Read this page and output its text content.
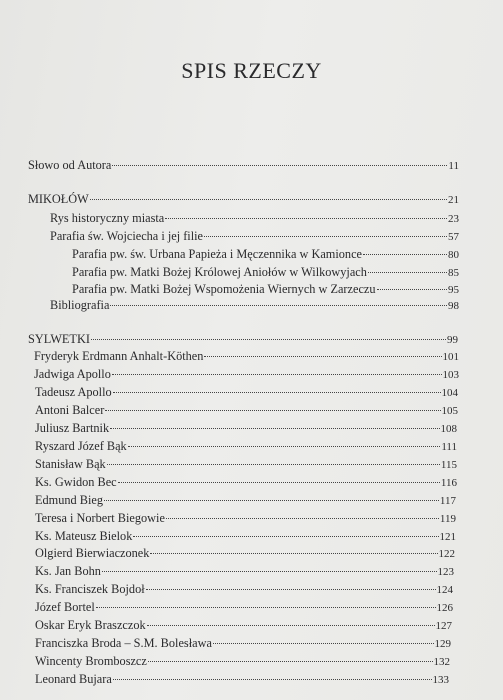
SPIS RZECZY
Słowo od Autora	11
MIKOŁÓW	21
Rys historyczny miasta	23
Parafia św. Wojciecha i jej filie	57
Parafia pw. św. Urbana Papieża i Męczennika w Kamionce	80
Parafia pw. Matki Bożej Królowej Aniołów w Wilkowyjach	85
Parafia pw. Matki Bożej Wspomożenia Wiernych w Zarzeczu	95
Bibliografia	98
SYLWETKI	99
Fryderyk Erdmann Anhalt-Köthen	101
Jadwiga Apollo	103
Tadeusz Apollo	104
Antoni Balcer	105
Juliusz Bartnik	108
Ryszard Józef Bąk	111
Stanisław Bąk	115
Ks. Gwidon Bec	116
Edmund Bieg	117
Teresa i Norbert Biegowie	119
Ks. Mateusz Bielok	121
Olgierd Bierwiaczonek	122
Ks. Jan Bohn	123
Ks. Franciszek Bojdoł	124
Józef Bortel	126
Oskar Eryk Braszczok	127
Franciszka Broda – S.M. Bolesława	129
Wincenty Bromboszcz	132
Leonard Bujara	133
